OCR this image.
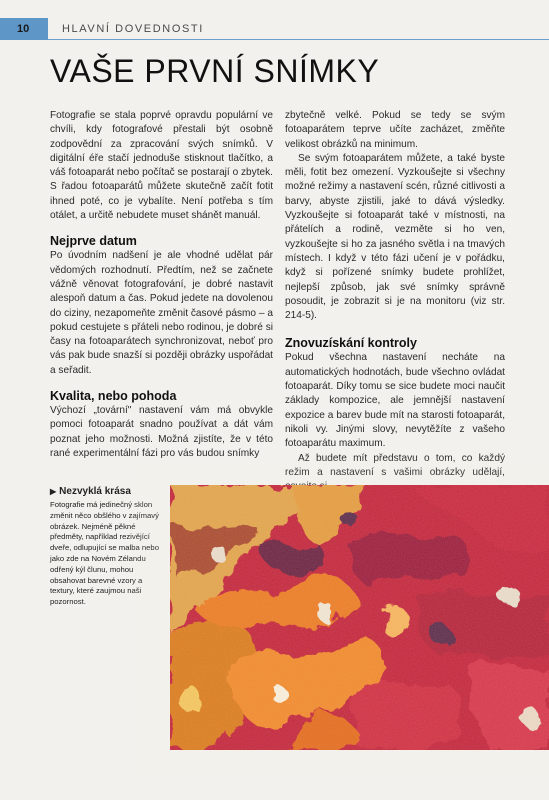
10	HLAVNÍ DOVEDNOSTI
VAŠE PRVNÍ SNÍMKY

Fotografie se stala poprvé opravdu populární ve chvíli, kdy fotografové přestali být osobně zodpovědní za zpracování svých snímků. V digitální éře stačí jednoduše stisknout tlačítko, a váš fotoaparát nebo počítač se postarají o zbytek. S řadou fotoaparátů můžete skutečně začít fotit ihned poté, co je vybalíte. Není potřeba s tím otálet, a určitě nebudete muset shánět manuál.

Nejprve datum

Po úvodním nadšení je ale vhodné udělat pár vědomých rozhodnutí. Předtím, než se začnete vážně věnovat fotografování, je dobré nastavit alespoň datum a čas. Pokud jedete na dovolenou do ciziny, nezapomeňte změnit časové pásmo – a pokud cestujete s přáteli nebo rodinou, je dobré si časy na fotoaparátech synchronizovat, neboť pro vás pak bude snazší si později obrázky uspořádat a seřadit.

Kvalita, nebo pohoda

Výchozí „tovární" nastavení vám má obvykle pomoci fotoaparát snadno používat a dát vám poznat jeho možnosti. Možná zjistíte, že v této rané experimentální fázi pro vás budou snímky

zbytečně velké. Pokud se tedy se svým fotoaparátem teprve učíte zacházet, změňte velikost obrázků na minimum.

Se svým fotoaparátem můžete, a také byste měli, fotit bez omezení. Vyzkoušejte si všechny možné režimy a nastavení scén, různé citlivosti a barvy, abyste zjistili, jaké to dává výsledky. Vyzkoušejte si fotoaparát také v místnosti, na přátelích a rodině, vezměte si ho ven, vyzkoušejte si ho za jasného světla i na tmavých místech. I když v této fázi učení je v pořádku, když si pořízené snímky budete prohlížet, nejlepší způsob, jak své snímky správně posoudit, je zobrazit si je na monitoru (viz str. 214-5).

Znovuzískání kontroly

Pokud všechna nastavení necháte na automatických hodnotách, bude všechno ovládat fotoaparát. Díky tomu se sice budete moci naučit základy kompozice, ale jemnější nastavení expozice a barev bude mít na starosti fotoaparát, nikoli vy. Jinými slovy, nevytěžíte z vašeho fotoaparátu maximum.

Až budete mít představu o tom, co každý režim a nastavení s vašimi obrázky udělají,

▶ Nezvyklá krása
Fotografie má jedinečný sklon změnit něco obšlého v zajímavý obrázek. Nejméně pěkné předměty, například rezivějící dveře, odlupující se malba nebo jako zde na Novém Zélandu odřený kýl člunu, mohou obsahovat barevné vzory a textury, které zaujmou naši pozornost.
